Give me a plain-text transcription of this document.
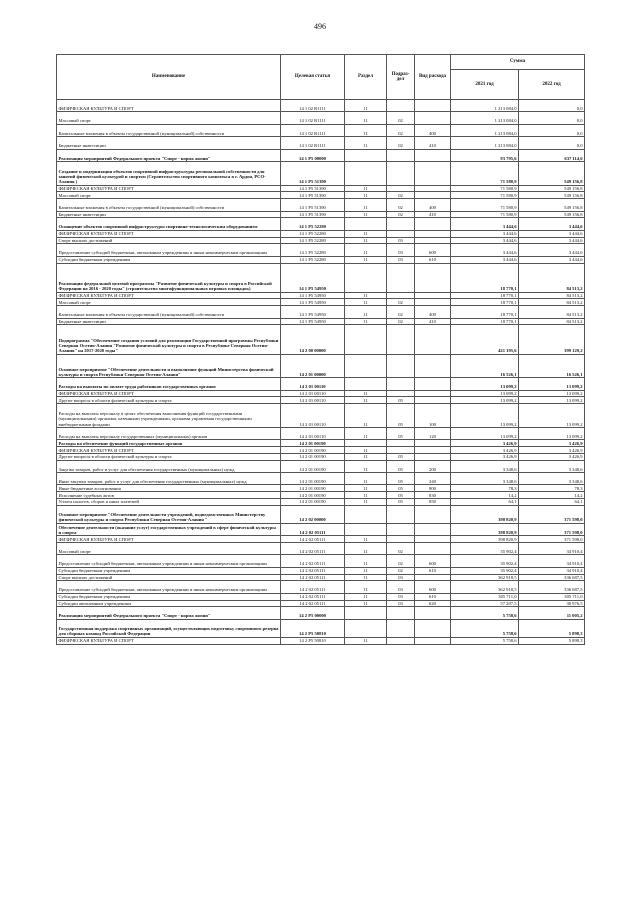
496
Наименование	Целевая статья	Раздел	Подраз-дел	Вид расхода	Сумма	
					2021 год	2022 год
ФИЗИЧЕСКАЯ КУЛЬТУРА И СПОРТ	14 1 02 R1111	11			1 213 084,0	0,0
Массовый спорт	14 1 02 R1111	11	02		1 213 084,0	0,0
Капитальные вложения в объекты государственной (муниципальной) собственности	14 1 02 R1111	11	02	400	1 213 084,0	0,0
Бюджетные инвестиции	14 1 02 R1111	11	02	410	1 213 084,0	0,0
Реализация мероприятий Федерального проекта "Спорт - норма жизни"	14 1 P5 00000				93 795,6	637 114,6
Создание и модернизация объектов спортивной инфраструктуры региональной собственности для занятий физической культурой и спортом (Строительство спортивного комплекса в г. Ардон, РСО-Алания )	14 1 P5 51390				71 580,9	549 156,8
ФИЗИЧЕСКАЯ КУЛЬТУРА И СПОРТ	14 1 P5 51390	11			71 580,9	549 156,8
Массовый спорт	14 1 P5 51390	11	02		71 580,9	549 156,8
Капитальные вложения в объекты государственной (муниципальной) собственности	14 1 P5 51390	11	02	400	71 580,9	549 156,8
Бюджетные инвестиции	14 1 P5 51390	11	02	410	71 580,9	549 156,8
Оснащение объектов спортивной инфраструктуры спортивно-технологическим оборудованием	14 1 P5 52280				3 444,6	3 444,6
ФИЗИЧЕСКАЯ КУЛЬТУРА И СПОРТ	14 1 P5 52280	11			3 444,6	3 444,6
Спорт высших достижений	14 1 P5 52280	11	03		3 444,6	3 444,6
Предоставление субсидий бюджетным, автономным учреждениям и иным некоммерческим организациям	14 1 P5 52280	11	03	600	3 444,6	3 444,6
Субсидии бюджетным учреждениям	14 1 P5 52280	11	03	610	3 444,6	3 444,6
Реализация федеральной целевой программы "Развитие физической культуры и спорта в Российской Федерации на 2016 - 2020 годы" (строительство многофункциональных игровых площадок)	14 1 P5 54950				18 770,1	84 513,2
ФИЗИЧЕСКАЯ КУЛЬТУРА И СПОРТ	14 1 P5 54950	11			18 770,1	84 513,2
Массовый спорт	14 1 P5 54950	11	02		18 770,1	84 513,2
Капитальные вложения в объекты государственной (муниципальной) собственности	14 1 P5 54950	11	02	400	18 770,1	84 513,2
Бюджетные инвестиции	14 1 P5 54950	11	02	410	18 770,1	84 513,2
Подпрограмма "Обеспечение создания условий для реализации Государственной программы Республики Северная Осетия-Алания "Развитие физической культуры и спорта в Республике Северная Осетия-Алания" на 2017-2020 годы"	14 2 00 00000				421 195,6	399 129,2
Основное мероприятие "Обеспечение деятельности и выполнение функций Министерства физической культуры и спорта Республики Северная Осетия-Алания"	14 2 01 00000				16 526,1	16 526,1
Расходы на выплаты по оплате труда работников государственных органов	14 2 01 00110				13 099,2	13 099,2
ФИЗИЧЕСКАЯ КУЛЬТУРА И СПОРТ	14 2 01 00110	11			13 099,2	13 099,2
Другие вопросы в области физической культуры и спорта	14 2 01 00110	11	05		13 099,2	13 099,2
Расходы на выплаты персоналу в целях обеспечения выполнения функций государственными (муниципальными) органами, казенными учреждениями, органами управления государственными внебюджетными фондами	14 2 01 00110	11	05	100	13 099,2	13 099,2
Расходы на выплаты персоналу государственных (муниципальных) органов	14 2 01 00110	11	05	120	13 099,2	13 099,2
Расходы на обеспечение функций государственных органов	14 2 01 00190				3 426,9	3 426,9
ФИЗИЧЕСКАЯ КУЛЬТУРА И СПОРТ	14 2 01 00190	11			3 426,9	3 426,9
Другие вопросы в области физической культуры и спорта	14 2 01 00190	11	05		3 426,9	3 426,9
Закупка товаров, работ и услуг для обеспечения государственных (муниципальных) нужд	14 2 01 00190	11	05	200	3 348,6	3 348,6
Иные закупки товаров, работ и услуг для обеспечения государственных (муниципальных) нужд	14 2 01 00190	11	05	240	3 348,6	3 348,6
Иные бюджетные ассигнования	14 2 01 00190	11	05	800	78,3	78,3
Исполнение судебных актов	14 2 01 00190	11	05	830	14,2	14,2
Уплата налогов, сборов и иных платежей	14 2 01 00190	11	05	850	64,1	64,1
Основное мероприятие "Обеспечение деятельности учреждений, подведомственных Министерству физической культуры и спорта Республики Северная Осетия-Алания "	14 2 02 00000				398 820,9	371 598,0
Обеспечение деятельности (оказание услуг) государственных учреждений в сфере физической культуры и спорта	14 2 02 05111				398 820,9	371 598,0
ФИЗИЧЕСКАЯ КУЛЬТУРА И СПОРТ	14 2 02 05111	11			398 820,9	371 598,0
Массовый спорт	14 2 02 05111	11	02		35 902,4	34 910,4
Предоставление субсидий бюджетным, автономным учреждениям и иным некоммерческим организациям	14 2 02 05111	11	02	600	35 902,4	34 910,4
Субсидии бюджетным учреждениям	14 2 02 05111	11	02	610	35 902,4	34 910,4
Спорт высших достижений	14 2 02 05111	11	03		362 918,5	336 687,5
Предоставление субсидий бюджетным, автономным учреждениям и иным некоммерческим организациям	14 2 02 05111	11	03	600	362 918,5	336 687,5
Субсидии бюджетным учреждениям	14 2 02 05111	11	03	610	305 711,0	305 711,0
Субсидии автономным учреждениям	14 2 02 05111	11	03	620	57 207,5	30 976,5
Реализация мероприятий Федерального проекта "Спорт - норма жизни"	14 2 P5 00000				5 758,6	11 005,2
Государственная поддержка спортивных организаций, осуществляющих подготовку спортивного резерва для сборных команд Российской Федерации	14 2 P5 50810				5 758,6	5 898,3
ФИЗИЧЕСКАЯ КУЛЬТУРА И СПОРТ	14 2 P5 50810	11			5 758,6	5 898,3
